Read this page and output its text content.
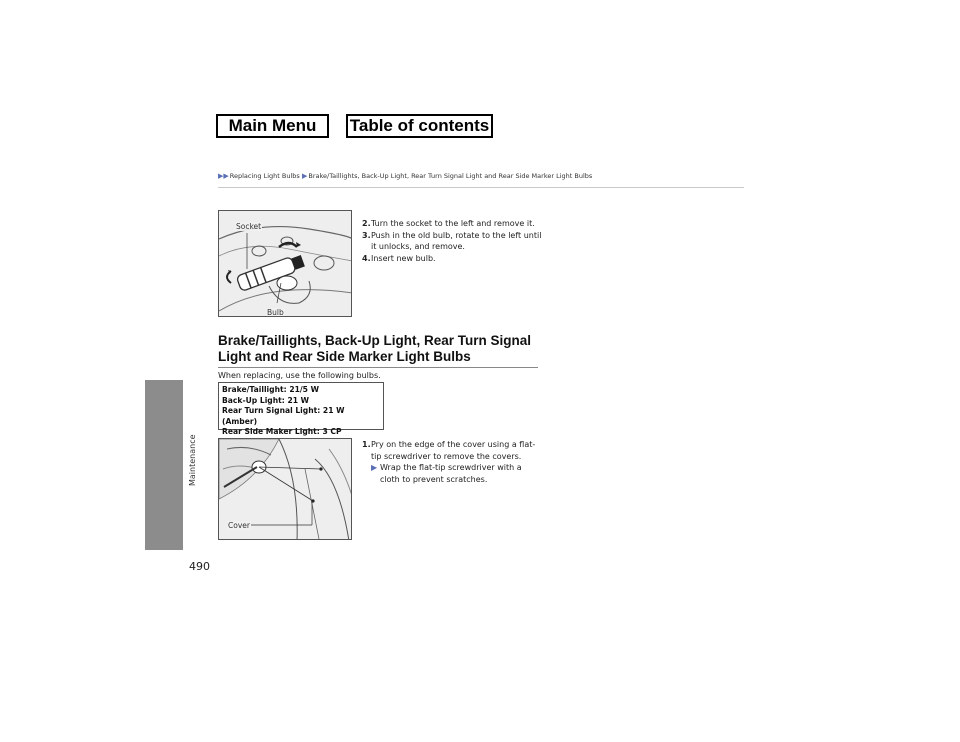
Main Menu	Table of contents
▶▶ Replacing Light Bulbs ▶ Brake/Taillights, Back-Up Light, Rear Turn Signal Light and Rear Side Marker Light Bulbs
Socket
Bulb
2. Turn the socket to the left and remove it.
3. Push in the old bulb, rotate to the left until it unlocks, and remove.
4. Insert new bulb.
Brake/Taillights, Back-Up Light, Rear Turn Signal Light and Rear Side Marker Light Bulbs
When replacing, use the following bulbs.
Brake/Taillight: 21/5 W
Back-Up Light: 21 W
Rear Turn Signal Light: 21 W (Amber)
Rear Side Maker Light: 3 CP
Cover
1. Pry on the edge of the cover using a flat-tip screwdriver to remove the covers.
▶ Wrap the flat-tip screwdriver with a cloth to prevent scratches.
Maintenance
490
